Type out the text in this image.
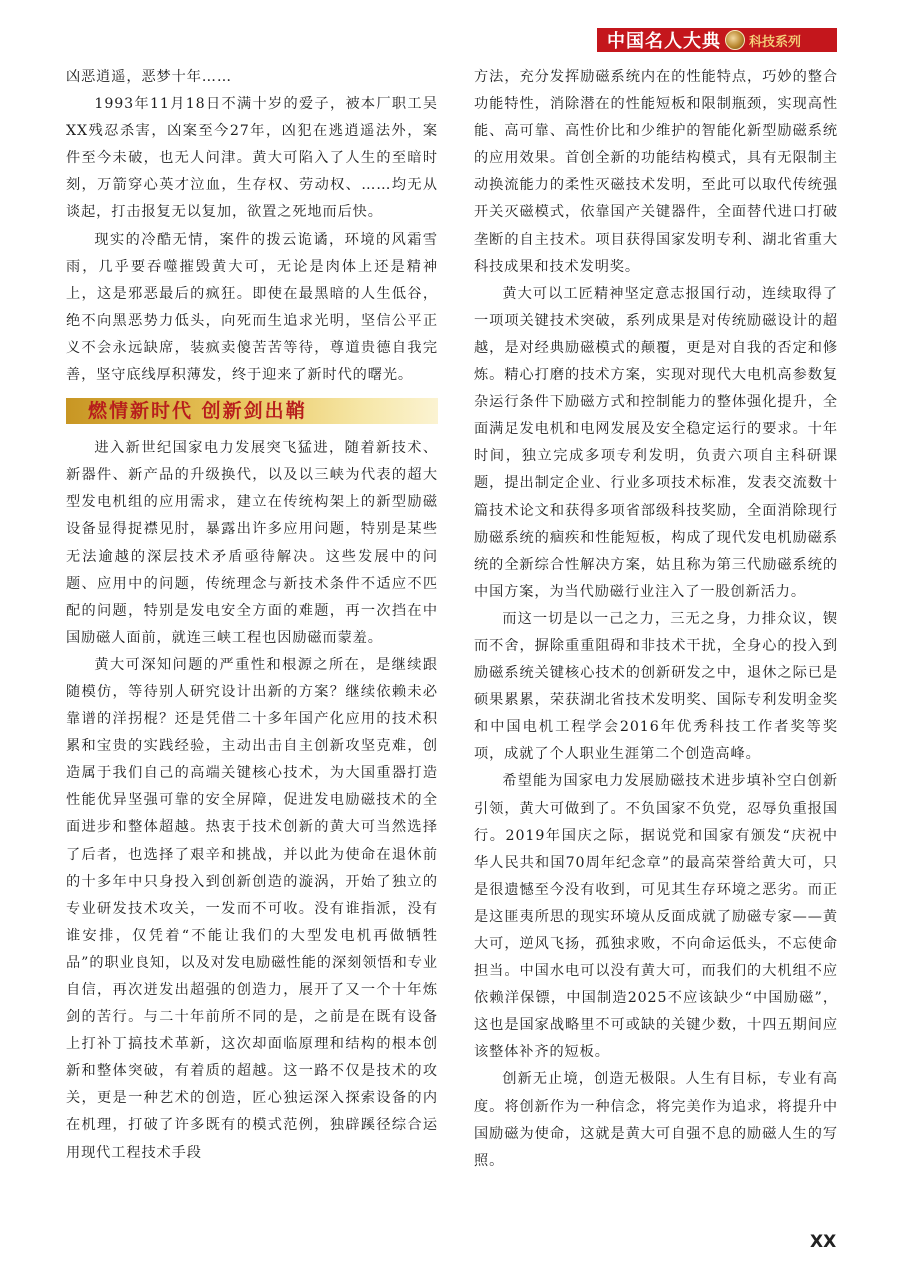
中国名人大典 科技系列

凶恶逍遥，恶梦十年……

1993年11月18日不满十岁的爱子，被本厂职工吴XX残忍杀害，凶案至今27年，凶犯在逃逍遥法外，案件至今未破，也无人问津。黄大可陷入了人生的至暗时刻，万箭穿心英才泣血，生存权、劳动权、……均无从谈起，打击报复无以复加，欲置之死地而后快。

现实的冷酷无情，案件的拨云诡谲，环境的风霜雪雨，几乎要吞噬摧毁黄大可，无论是肉体上还是精神上，这是邪恶最后的疯狂。即使在最黑暗的人生低谷，绝不向黑恶势力低头，向死而生追求光明，坚信公平正义不会永远缺席，装疯卖傻苦苦等待，尊道贵德自我完善，坚守底线厚积薄发，终于迎来了新时代的曙光。

燃情新时代 创新剑出鞘

进入新世纪国家电力发展突飞猛进，随着新技术、新器件、新产品的升级换代，以及以三峡为代表的超大型发电机组的应用需求，建立在传统构架上的新型励磁设备显得捉襟见肘，暴露出许多应用问题，特别是某些无法逾越的深层技术矛盾亟待解决。这些发展中的问题、应用中的问题，传统理念与新技术条件不适应不匹配的问题，特别是发电安全方面的难题，再一次挡在中国励磁人面前，就连三峡工程也因励磁而蒙羞。

黄大可深知问题的严重性和根源之所在，是继续跟随模仿，等待别人研究设计出新的方案？继续依赖未必靠谱的洋拐棍？还是凭借二十多年国产化应用的技术积累和宝贵的实践经验，主动出击自主创新攻坚克难，创造属于我们自己的高端关键核心技术，为大国重器打造性能优异坚强可靠的安全屏障，促进发电励磁技术的全面进步和整体超越。热衷于技术创新的黄大可当然选择了后者，也选择了艰辛和挑战，并以此为使命在退休前的十多年中只身投入到创新创造的漩涡，开始了独立的专业研发技术攻关，一发而不可收。没有谁指派，没有谁安排，仅凭着“不能让我们的大型发电机再做牺牲品”的职业良知，以及对发电励磁性能的深刻领悟和专业自信，再次迸发出超强的创造力，展开了又一个十年炼剑的苦行。与二十年前所不同的是，之前是在既有设备上打补丁搞技术革新，这次却面临原理和结构的根本创新和整体突破，有着质的超越。这一路不仅是技术的攻关，更是一种艺术的创造，匠心独运深入探索设备的内在机理，打破了许多既有的模式范例，独辟蹊径综合运用现代工程技术手段

方法，充分发挥励磁系统内在的性能特点，巧妙的整合功能特性，消除潜在的性能短板和限制瓶颈，实现高性能、高可靠、高性价比和少维护的智能化新型励磁系统的应用效果。首创全新的功能结构模式，具有无限制主动换流能力的柔性灭磁技术发明，至此可以取代传统强开关灭磁模式，依靠国产关键器件，全面替代进口打破垄断的自主技术。项目获得国家发明专利、湖北省重大科技成果和技术发明奖。

黄大可以工匠精神坚定意志报国行动，连续取得了一项项关键技术突破，系列成果是对传统励磁设计的超越，是对经典励磁模式的颠覆，更是对自我的否定和修炼。精心打磨的技术方案，实现对现代大电机高参数复杂运行条件下励磁方式和控制能力的整体强化提升，全面满足发电机和电网发展及安全稳定运行的要求。十年时间，独立完成多项专利发明，负责六项自主科研课题，提出制定企业、行业多项技术标准，发表交流数十篇技术论文和获得多项省部级科技奖励，全面消除现行励磁系统的痼疾和性能短板，构成了现代发电机励磁系统的全新综合性解决方案，姑且称为第三代励磁系统的中国方案，为当代励磁行业注入了一股创新活力。

而这一切是以一己之力，三无之身，力排众议，锲而不舍，摒除重重阻碍和非技术干扰，全身心的投入到励磁系统关键核心技术的创新研发之中，退休之际已是硕果累累，荣获湖北省技术发明奖、国际专利发明金奖和中国电机工程学会2016年优秀科技工作者奖等奖项，成就了个人职业生涯第二个创造高峰。

希望能为国家电力发展励磁技术进步填补空白创新引领，黄大可做到了。不负国家不负党，忍辱负重报国行。2019年国庆之际，据说党和国家有颁发“庆祝中华人民共和国70周年纪念章”的最高荣誉给黄大可，只是很遗憾至今没有收到，可见其生存环境之恶劣。而正是这匪夷所思的现实环境从反面成就了励磁专家——黄大可，逆风飞扬，孤独求败，不向命运低头，不忘使命担当。中国水电可以没有黄大可，而我们的大机组不应依赖洋保镖，中国制造2025不应该缺少“中国励磁”，这也是国家战略里不可或缺的关键少数，十四五期间应该整体补齐的短板。

创新无止境，创造无极限。人生有目标，专业有高度。将创新作为一种信念，将完美作为追求，将提升中国励磁为使命，这就是黄大可自强不息的励磁人生的写照。

XX
